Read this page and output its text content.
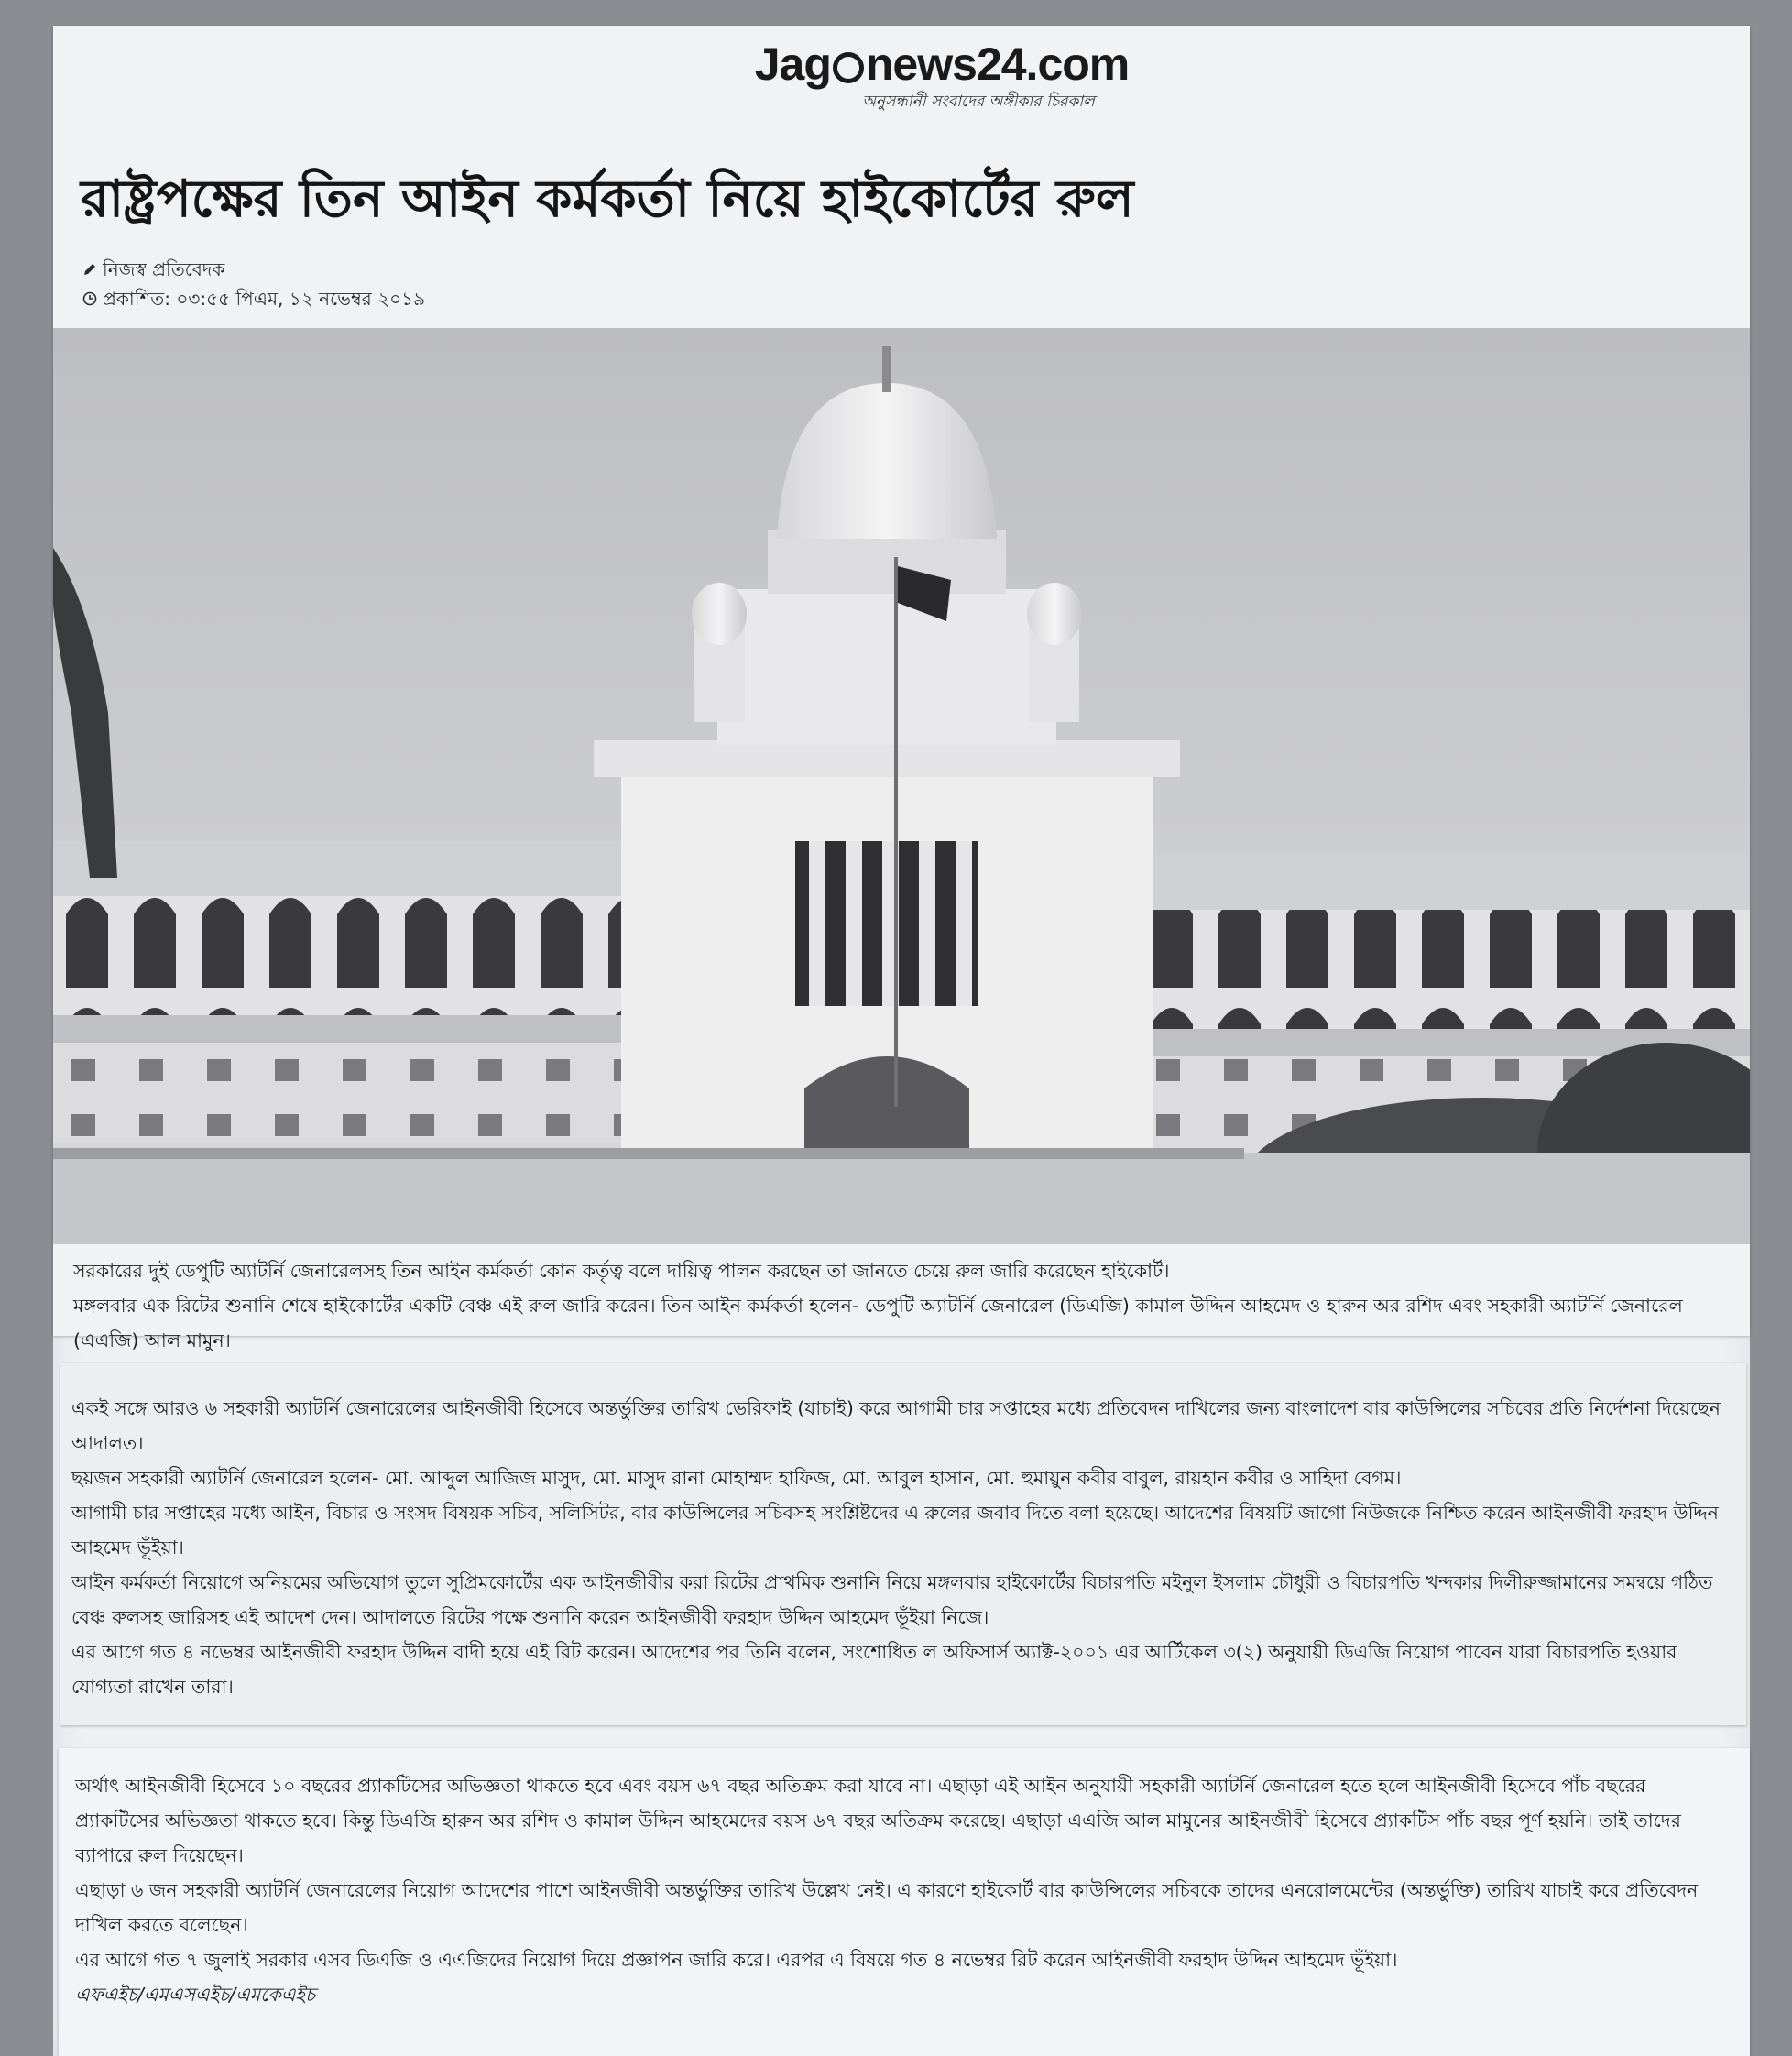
Jag news24.com
অনুসন্ধানী সংবাদের অঙ্গীকার চিরকাল
রাষ্ট্রপক্ষের তিন আইন কর্মকর্তা নিয়ে হাইকোর্টের রুল
নিজস্ব প্রতিবেদক
প্রকাশিত: ০৩:৫৫ পিএম, ১২ নভেম্বর ২০১৯

সরকারের দুই ডেপুটি অ্যাটর্নি জেনারেলসহ তিন আইন কর্মকর্তা কোন কর্তৃত্ব বলে দায়িত্ব পালন করছেন তা জানতে চেয়ে রুল জারি করেছেন হাইকোর্ট।

মঙ্গলবার এক রিটের শুনানি শেষে হাইকোর্টের একটি বেঞ্চ এই রুল জারি করেন। তিন আইন কর্মকর্তা হলেন- ডেপুটি অ্যাটর্নি জেনারেল (ডিএজি) কামাল উদ্দিন আহমেদ ও হারুন অর রশিদ এবং সহকারী অ্যাটর্নি জেনারেল (এএজি) আল মামুন।

একই সঙ্গে আরও ৬ সহকারী অ্যাটর্নি জেনারেলের আইনজীবী হিসেবে অন্তর্ভুক্তির তারিখ ভেরিফাই (যাচাই) করে আগামী চার সপ্তাহের মধ্যে প্রতিবেদন দাখিলের জন্য বাংলাদেশ বার কাউন্সিলের সচিবের প্রতি নির্দেশনা দিয়েছেন আদালত।

ছয়জন সহকারী অ্যাটর্নি জেনারেল হলেন- মো. আব্দুল আজিজ মাসুদ, মো. মাসুদ রানা মোহাম্মদ হাফিজ, মো. আবুল হাসান, মো. হুমায়ুন কবীর বাবুল, রায়হান কবীর ও সাহিদা বেগম।

আগামী চার সপ্তাহের মধ্যে আইন, বিচার ও সংসদ বিষয়ক সচিব, সলিসিটর, বার কাউন্সিলের সচিবসহ সংশ্লিষ্টদের এ রুলের জবাব দিতে বলা হয়েছে। আদেশের বিষয়টি জাগো নিউজকে নিশ্চিত করেন আইনজীবী ফরহাদ উদ্দিন আহমেদ ভূঁইয়া।

আইন কর্মকর্তা নিয়োগে অনিয়মের অভিযোগ তুলে সুপ্রিমকোর্টের এক আইনজীবীর করা রিটের প্রাথমিক শুনানি নিয়ে মঙ্গলবার হাইকোর্টের বিচারপতি মইনুল ইসলাম চৌধুরী ও বিচারপতি খন্দকার দিলীরুজ্জামানের সমন্বয়ে গঠিত বেঞ্চ রুলসহ জারিসহ এই আদেশ দেন। আদালতে রিটের পক্ষে শুনানি করেন আইনজীবী ফরহাদ উদ্দিন আহমেদ ভূঁইয়া নিজে।

এর আগে গত ৪ নভেম্বর আইনজীবী ফরহাদ উদ্দিন বাদী হয়ে এই রিট করেন। আদেশের পর তিনি বলেন, সংশোধিত ল অফিসার্স অ্যাক্ট-২০০১ এর আর্টিকেল ৩(২) অনুযায়ী ডিএজি নিয়োগ পাবেন যারা বিচারপতি হওয়ার যোগ্যতা রাখেন তারা।

অর্থাৎ আইনজীবী হিসেবে ১০ বছরের প্র্যাকটিসের অভিজ্ঞতা থাকতে হবে এবং বয়স ৬৭ বছর অতিক্রম করা যাবে না। এছাড়া এই আইন অনুযায়ী সহকারী অ্যাটর্নি জেনারেল হতে হলে আইনজীবী হিসেবে পাঁচ বছরের প্র্যাকটিসের অভিজ্ঞতা থাকতে হবে। কিন্তু ডিএজি হারুন অর রশিদ ও কামাল উদ্দিন আহমেদের বয়স ৬৭ বছর অতিক্রম করেছে। এছাড়া এএজি আল মামুনের আইনজীবী হিসেবে প্র্যাকটিস পাঁচ বছর পূর্ণ হয়নি। তাই তাদের ব্যাপারে রুল দিয়েছেন।

এছাড়া ৬ জন সহকারী অ্যাটর্নি জেনারেলের নিয়োগ আদেশের পাশে আইনজীবী অন্তর্ভুক্তির তারিখ উল্লেখ নেই। এ কারণে হাইকোর্ট বার কাউন্সিলের সচিবকে তাদের এনরোলমেন্টের (অন্তর্ভুক্তি) তারিখ যাচাই করে প্রতিবেদন দাখিল করতে বলেছেন।

এর আগে গত ৭ জুলাই সরকার এসব ডিএজি ও এএজিদের নিয়োগ দিয়ে প্রজ্ঞাপন জারি করে। এরপর এ বিষয়ে গত ৪ নভেম্বর রিট করেন আইনজীবী ফরহাদ উদ্দিন আহমেদ ভূঁইয়া।

এফএইচ/এমএসএইচ/এমকেএইচ
